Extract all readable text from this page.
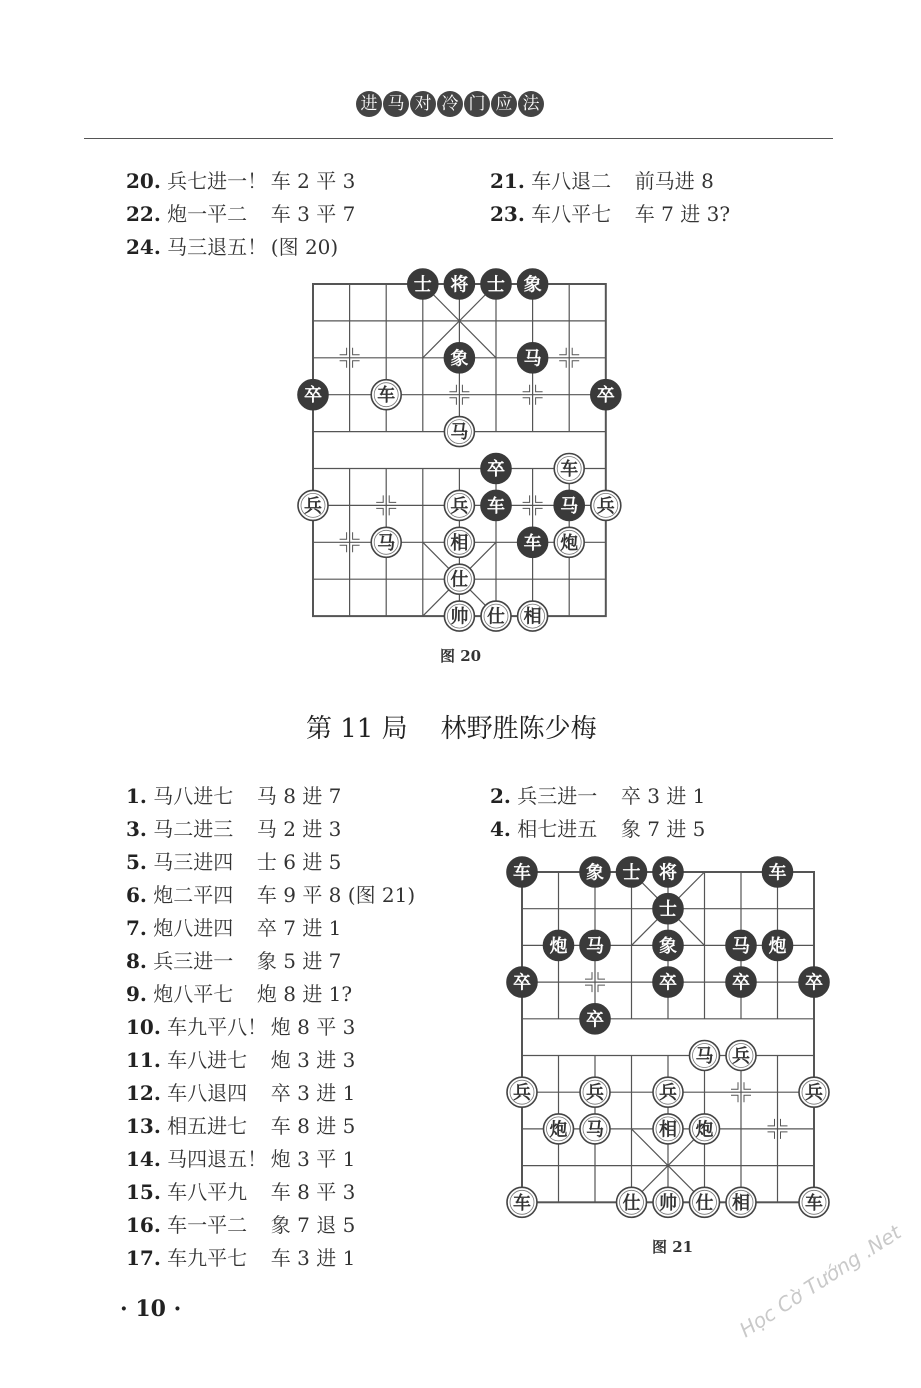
进 马 对 冷 门 应 法
20. 兵七进一！ 车 2 平 3	21. 车八退二 前马进 8
22. 炮一平二 车 3 平 7	23. 车八平七 车 7 进 3?
24. 马三退五！ (图 20)
士 将 士 象
象	马
卒	车	卒
马
卒	车
兵	兵 车	马 兵
马	相	车 炮
仕
帅 仕 相
图 20
第 11 局    林野胜陈少梅
1. 马八进七 马 8 进 7
3. 马二进三 马 2 进 3
5. 马三进四 士 6 进 5
6. 炮二平四 车 9 平 8 (图 21)
7. 炮八进四 卒 7 进 1
8. 兵三进一 象 5 进 7
9. 炮八平七 炮 8 进 1?
10. 车九平八！ 炮 8 平 3
11. 车八进七 炮 3 进 3
12. 车八退四 卒 3 进 1
13. 相五进七 车 8 进 5
14. 马四退五！ 炮 3 平 1
15. 车八平九 车 8 平 3
16. 车一平二 象 7 退 5
17. 车九平七 车 3 进 1
2. 兵三进一 卒 3 进 1
4. 相七进五 象 7 进 5
车	象 士 将	车
士
炮 马	象	马 炮
卒	卒	卒	卒
卒
马 兵
兵	兵	兵	兵
炮 马	相 炮
车	仕 帅 仕 相	车
图 21
· 10 ·	Học Cờ Tướng .Net
